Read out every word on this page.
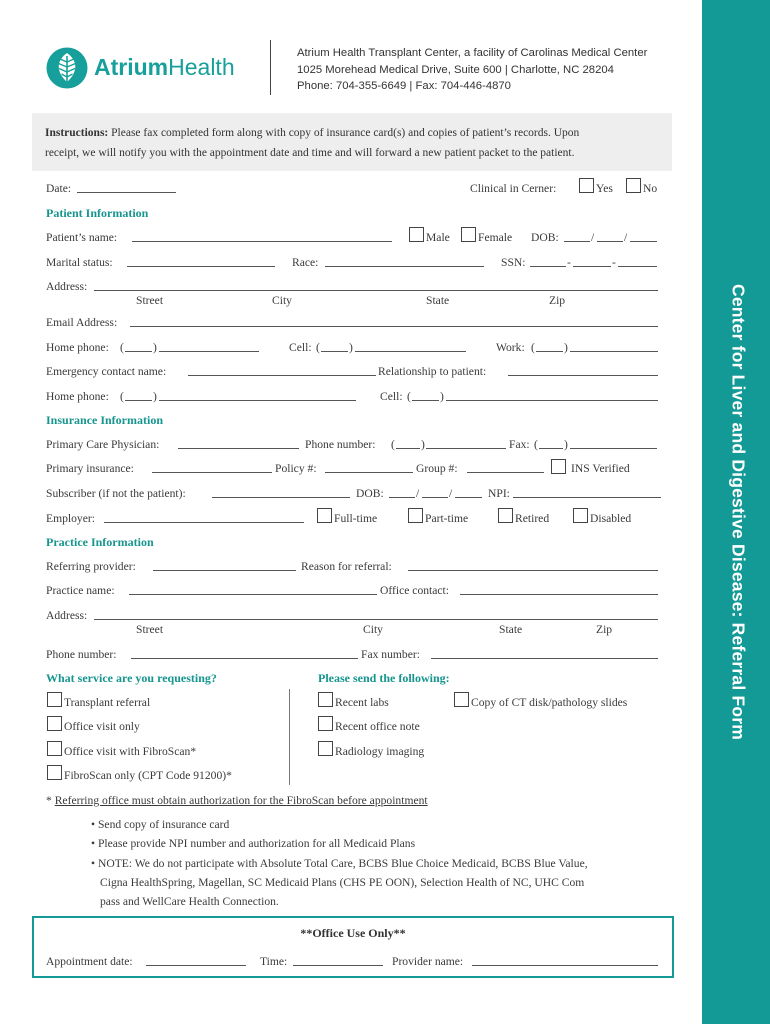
AtriumHealth
Atrium Health Transplant Center, a facility of Carolinas Medical Center
1025 Morehead Medical Drive, Suite 600 | Charlotte, NC 28204
Phone: 704-355-6649 | Fax: 704-446-4870
Instructions: Please fax completed form along with copy of insurance card(s) and copies of patient’s records. Upon
receipt, we will notify you with the appointment date and time and will forward a new patient packet to the patient.
Center for Liver and Digestive Disease: Referral Form
Date:	Clinical in Cerner:	Yes	No
Patient Information
Patient’s name:	Male Female DOB:	/	/
Marital status:	Race:	SSN:	-	-
Address:
Street	City	State	Zip
Email Address:
Home phone: (	)	Cell: (	)	Work: (	)
Emergency contact name:	Relationship to patient:
Home phone: (	)	Cell: (	)
Insurance Information
Primary Care Physician:	Phone number: ( )	Fax: ( )
Primary insurance:	Policy #:	Group #:	INS Verified
Subscriber (if not the patient):	DOB:	/	/	NPI:
Employer:	Full-time	Part-time	Retired	Disabled
Practice Information
Referring provider:	Reason for referral:
Practice name:	Office contact:
Address:
Street	City	State	Zip
Phone number:	Fax number:
What service are you requesting?	Please send the following:
Transplant referral
Office visit only
Office visit with FibroScan*
FibroScan only (CPT Code 91200)*
Recent labs	Copy of CT disk/pathology slides
Recent office note
Radiology imaging
* Referring office must obtain authorization for the FibroScan before appointment
• Send copy of insurance card
• Please provide NPI number and authorization for all Medicaid Plans
• NOTE: We do not participate with Absolute Total Care, BCBS Blue Choice Medicaid, BCBS Blue Value,
Cigna HealthSpring, Magellan, SC Medicaid Plans (CHS PE OON), Selection Health of NC, UHC Com
pass and WellCare Health Connection.
**Office Use Only**
Appointment date:	Time:	Provider name:
